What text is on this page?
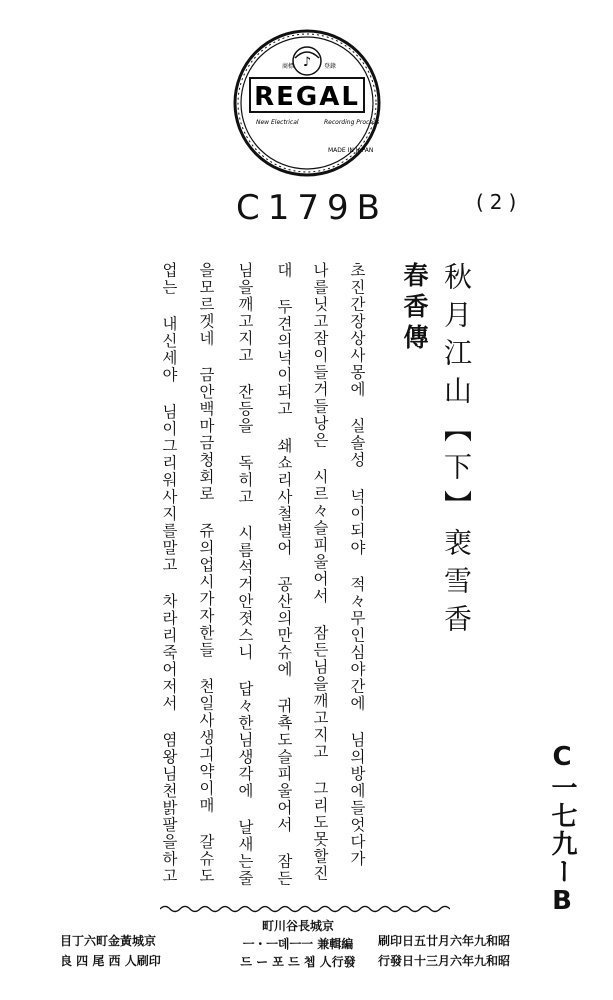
♪
商標	登錄
REGAL
New Electrical	Recording Process
MADE IN JAPAN
C179B	(2)
春香傳 秋月江山【下】裵雪香
C一七九ーB
초진간장상사몽에 실솔성 넉이되야 적々무인심야간에 님의방에들엇다가
나를닛고잠이들거들낭은 시르々슬피울어서 잠든님을깨고지고 그리도못할진
대 두견의넉이되고 쇄쇼리사철벌어 공산의만슈에 귀쵹도슬피울어서 잠든
님을깨고지고 잔등을 독히고 시름석거안졋스니 답々한님생각에 날새는줄
을모르겟네 금안백마금청회로 쥬의업시가자한들 천일사생긔약이매 갈슈도
업는 내신세야 님이그리워사지를말고 차라리죽어저서 염왕님천밝팔을하고
昭和九年六月廿五日印刷
昭和九年六月三十日發行
京城長谷川町
編輯兼 一ㅡ뎨ㅡ・ㅡ
發行人 쳅 드 포 ー 드
京城黃金町六丁目
印刷人 西 尾 四 良
